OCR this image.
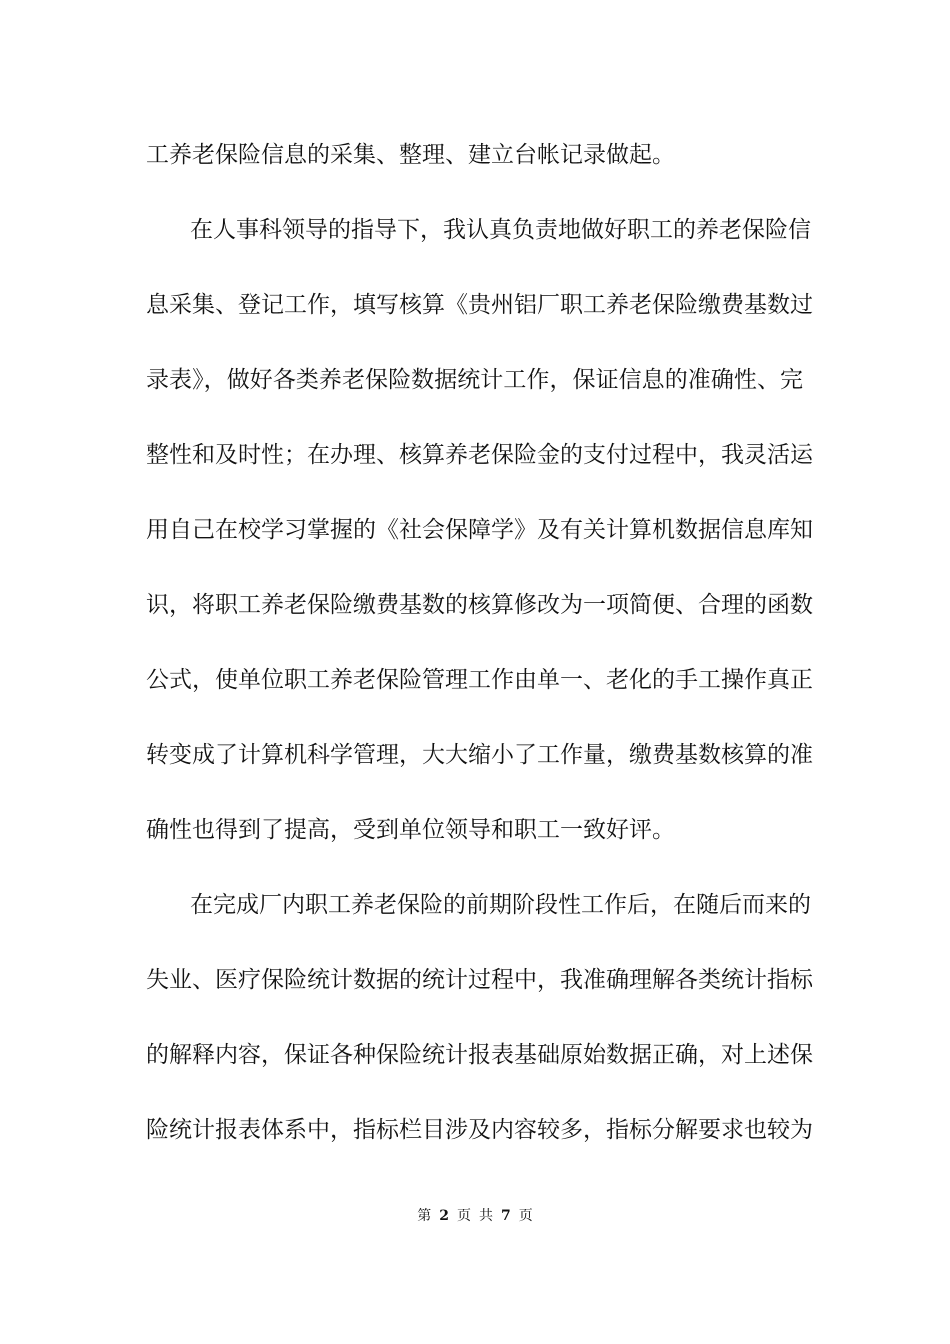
工养老保险信息的采集、整理、建立台帐记录做起。
在人事科领导的指导下，我认真负责地做好职工的养老保险信
息采集、登记工作，填写核算《贵州铝厂职工养老保险缴费基数过
录表》，做好各类养老保险数据统计工作，保证信息的准确性、完
整性和及时性；在办理、核算养老保险金的支付过程中，我灵活运
用自己在校学习掌握的《社会保障学》及有关计算机数据信息库知
识，将职工养老保险缴费基数的核算修改为一项简便、合理的函数
公式，使单位职工养老保险管理工作由单一、老化的手工操作真正
转变成了计算机科学管理，大大缩小了工作量，缴费基数核算的准
确性也得到了提高，受到单位领导和职工一致好评。
在完成厂内职工养老保险的前期阶段性工作后，在随后而来的
失业、医疗保险统计数据的统计过程中，我准确理解各类统计指标
的解释内容，保证各种保险统计报表基础原始数据正确，对上述保
险统计报表体系中，指标栏目涉及内容较多，指标分解要求也较为
第 2 页 共 7 页
